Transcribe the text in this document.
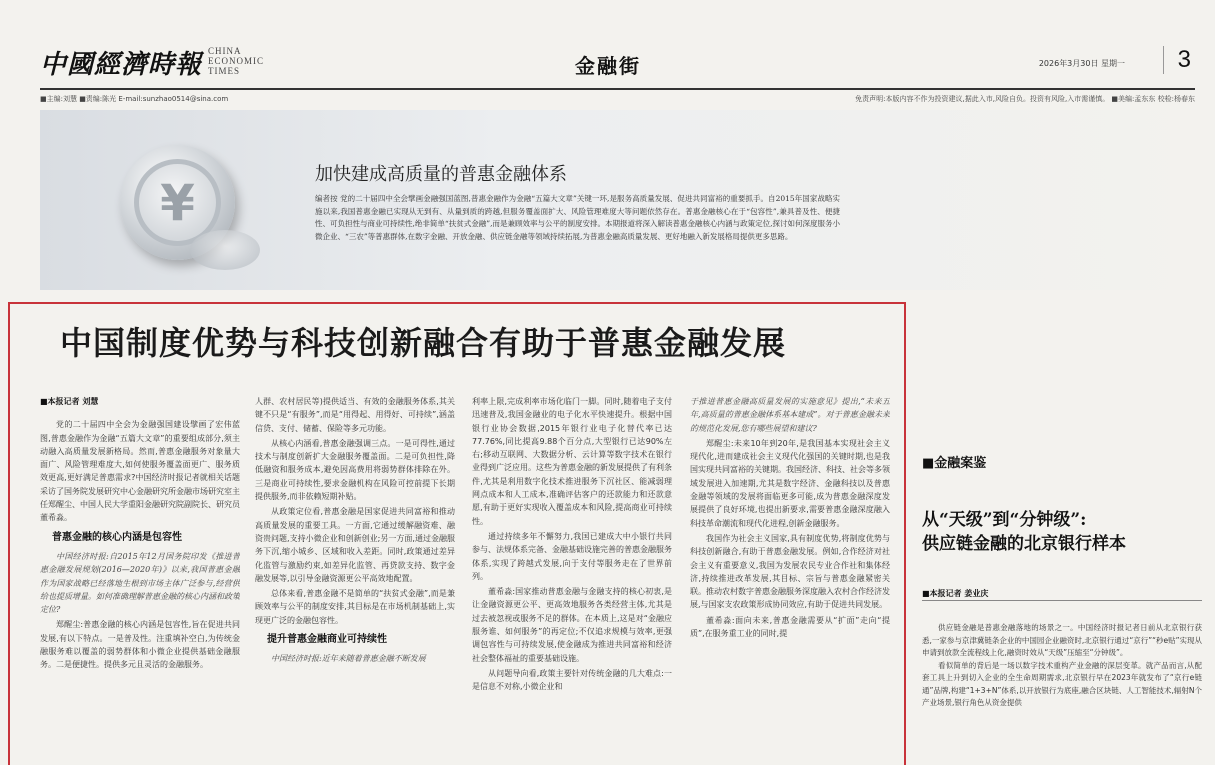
中國經濟時報 CHINA
ECONOMIC
TIMES	金融街	2026年3月30日 星期一	3
■主编:刘慧 ■责编:陈光 E-mail:sunzhao0514@sina.com	免责声明:本版内容不作为投资建议,据此入市,风险自负。投资有风险,入市需谨慎。 ■美编:孟东东 校检:杨春东
¥	加快建成高质量的普惠金融体系
编者按 党的二十届四中全会擘画金融强国蓝图,普惠金融作为金融“五篇大文章”关键一环,是服务高质量发展、促进共同富裕的重要抓手。自2015年国家战略实施以来,我国普惠金融已实现从无到有、从量到质的跨越,但服务覆盖面扩大、风险管理难度大等问题依然存在。普惠金融核心在于“包容性”,兼具普及性、便捷性、可负担性与商业可持续性,绝非简单“扶贫式金融”,而是兼顾效率与公平的制度安排。本期报道将深入解读普惠金融核心内涵与政策定位,探讨如何深度服务小微企业、“三农”等普惠群体,在数字金融、开放金融、供应链金融等领域持续拓展,为普惠金融高质量发展、更好地融入新发展格局提供更多思路。
中国制度优势与科技创新融合有助于普惠金融发展
■本报记者 刘慧

党的二十届四中全会为金融强国建设擘画了宏伟蓝图,普惠金融作为金融“五篇大文章”的重要组成部分,须主动融入高质量发展新格局。然而,普惠金融服务对象量大面广、风险管理难度大,如何使服务覆盖面更广、服务质效更高,更好满足普惠需求?中国经济时报记者就相关话题采访了国务院发展研究中心金融研究所金融市场研究室主任郑醒尘、中国人民大学重阳金融研究院副院长、研究员董希淼。

普惠金融的核心内涵是包容性

中国经济时报:自2015年12月国务院印发《推进普惠金融发展规划(2016—2020年)》以来,我国普惠金融作为国家战略已经落地生根到市场主体广泛参与,经营供给也提质增量。如何准确理解普惠金融的核心内涵和政策定位?

郑醒尘:普惠金融的核心内涵是包容性,旨在促进共同发展,有以下特点。一是普及性。注重填补空白,为传统金融服务难以覆盖的弱势群体和小微企业提供基础金融服务。二是便捷性。提供多元且灵活的金融服务。

人群、农村居民等)提供适当、有效的金融服务体系,其关键不只是“有服务”,而是“用得起、用得好、可持续”,涵盖信贷、支付、储蓄、保险等多元功能。

从核心内涵看,普惠金融强调三点。一是可得性,通过技术与制度创新扩大金融服务覆盖面。二是可负担性,降低融资和服务成本,避免因高费用将弱势群体排除在外。三是商业可持续性,要求金融机构在风险可控前提下长期提供服务,而非依赖短期补贴。

从政策定位看,普惠金融是国家促进共同富裕和推动高质量发展的重要工具。一方面,它通过缓解融资难、融资贵问题,支持小微企业和创新创业;另一方面,通过金融服务下沉,缩小城乡、区域和收入差距。同时,政策通过差异化监管与激励约束,如差异化监管、再贷款支持、数字金融发展等,以引导金融资源更公平高效地配置。

总体来看,普惠金融不是简单的“扶贫式金融”,而是兼顾效率与公平的制度安排,其目标是在市场机制基础上,实现更广泛的金融包容性。

提升普惠金融商业可持续性

中国经济时报:近年来随着普惠金融不断发展

利率上限,完成利率市场化临门一脚。同时,随着电子支付迅速普及,我国金融业的电子化水平快速提升。根据中国银行业协会数据,2015年银行业电子化替代率已达77.76%,同比提高9.88个百分点,大型银行已达90%左右;移动互联网、大数据分析、云计算等数字技术在银行业得到广泛应用。这些为普惠金融的新发展提供了有利条件,尤其是利用数字化技术推进服务下沉社区、能减弱理网点成本和人工成本,准确评估客户的还款能力和还款意愿,有助于更好实现收入覆盖成本和风险,提高商业可持续性。

通过持续多年不懈努力,我国已建成大中小银行共同参与、法规体系完备、金融基础设施完善的普惠金融服务体系,实现了跨越式发展,向于支付等服务走在了世界前列。

董希淼:国家推动普惠金融与金融支持的核心初衷,是让金融资源更公平、更高效地服务各类经营主体,尤其是过去被忽视或服务不足的群体。在本质上,这是对“金融应服务谁、如何服务”的再定位;不仅追求规模与效率,更强调包容性与可持续发展,使金融成为推进共同富裕和经济社会整体福祉的重要基础设施。

从问题导向看,政策主要针对传统金融的几大难点:一是信息不对称,小微企业和

于推进普惠金融高质量发展的实施意见》提出,“未来五年,高质量的普惠金融体系基本建成”。对于普惠金融未来的规范化发展,您有哪些展望和建议?

郑醒尘:未来10年到20年,是我国基本实现社会主义现代化,进而建成社会主义现代化强国的关键时期,也是我国实现共同富裕的关键期。我国经济、科技、社会等多领域发展进入加速期,尤其是数字经济、金融科技以及普惠金融等领域的发展将面临更多可能,成为普惠金融深度发展提供了良好环境,也提出新要求,需要普惠金融深度融入科技革命潮流和现代化进程,创新金融服务。

我国作为社会主义国家,具有制度优势,将制度优势与科技创新融合,有助于普惠金融发展。例如,合作经济对社会主义有重要意义,我国为发展农民专业合作社和集体经济,持续推进改革发展,其目标、宗旨与普惠金融紧密关联。推动农村数字普惠金融服务深度融入农村合作经济发展,与国家支农政策形成协同效应,有助于促进共同发展。

董希淼:面向未来,普惠金融需要从“扩面”走向“提质”,在服务重工业的同时,提

■金融案鉴
从“天级”到“分钟级”:
供应链金融的北京银行样本
■本报记者 姜业庆

供应链金融是普惠金融落地的场景之一。中国经济时报记者日前从北京银行获悉,一家参与京津冀链条企业的中国园企业融资时,北京银行通过“京行”“秒e贴”实现从申请到放款全流程线上化,融资时效从“天级”压缩至“分钟级”。

看似简单的背后是一场以数字技术重构产业金融的深层变革。就产品而言,从配套工具上升到切入企业的全生命周期需求,北京银行早在2023年就发布了“京行e链通”品牌,构建“1+3+N”体系,以开放银行为底座,融合区块链、人工智能技术,辐射N个产业场景,银行角色从资金提供
